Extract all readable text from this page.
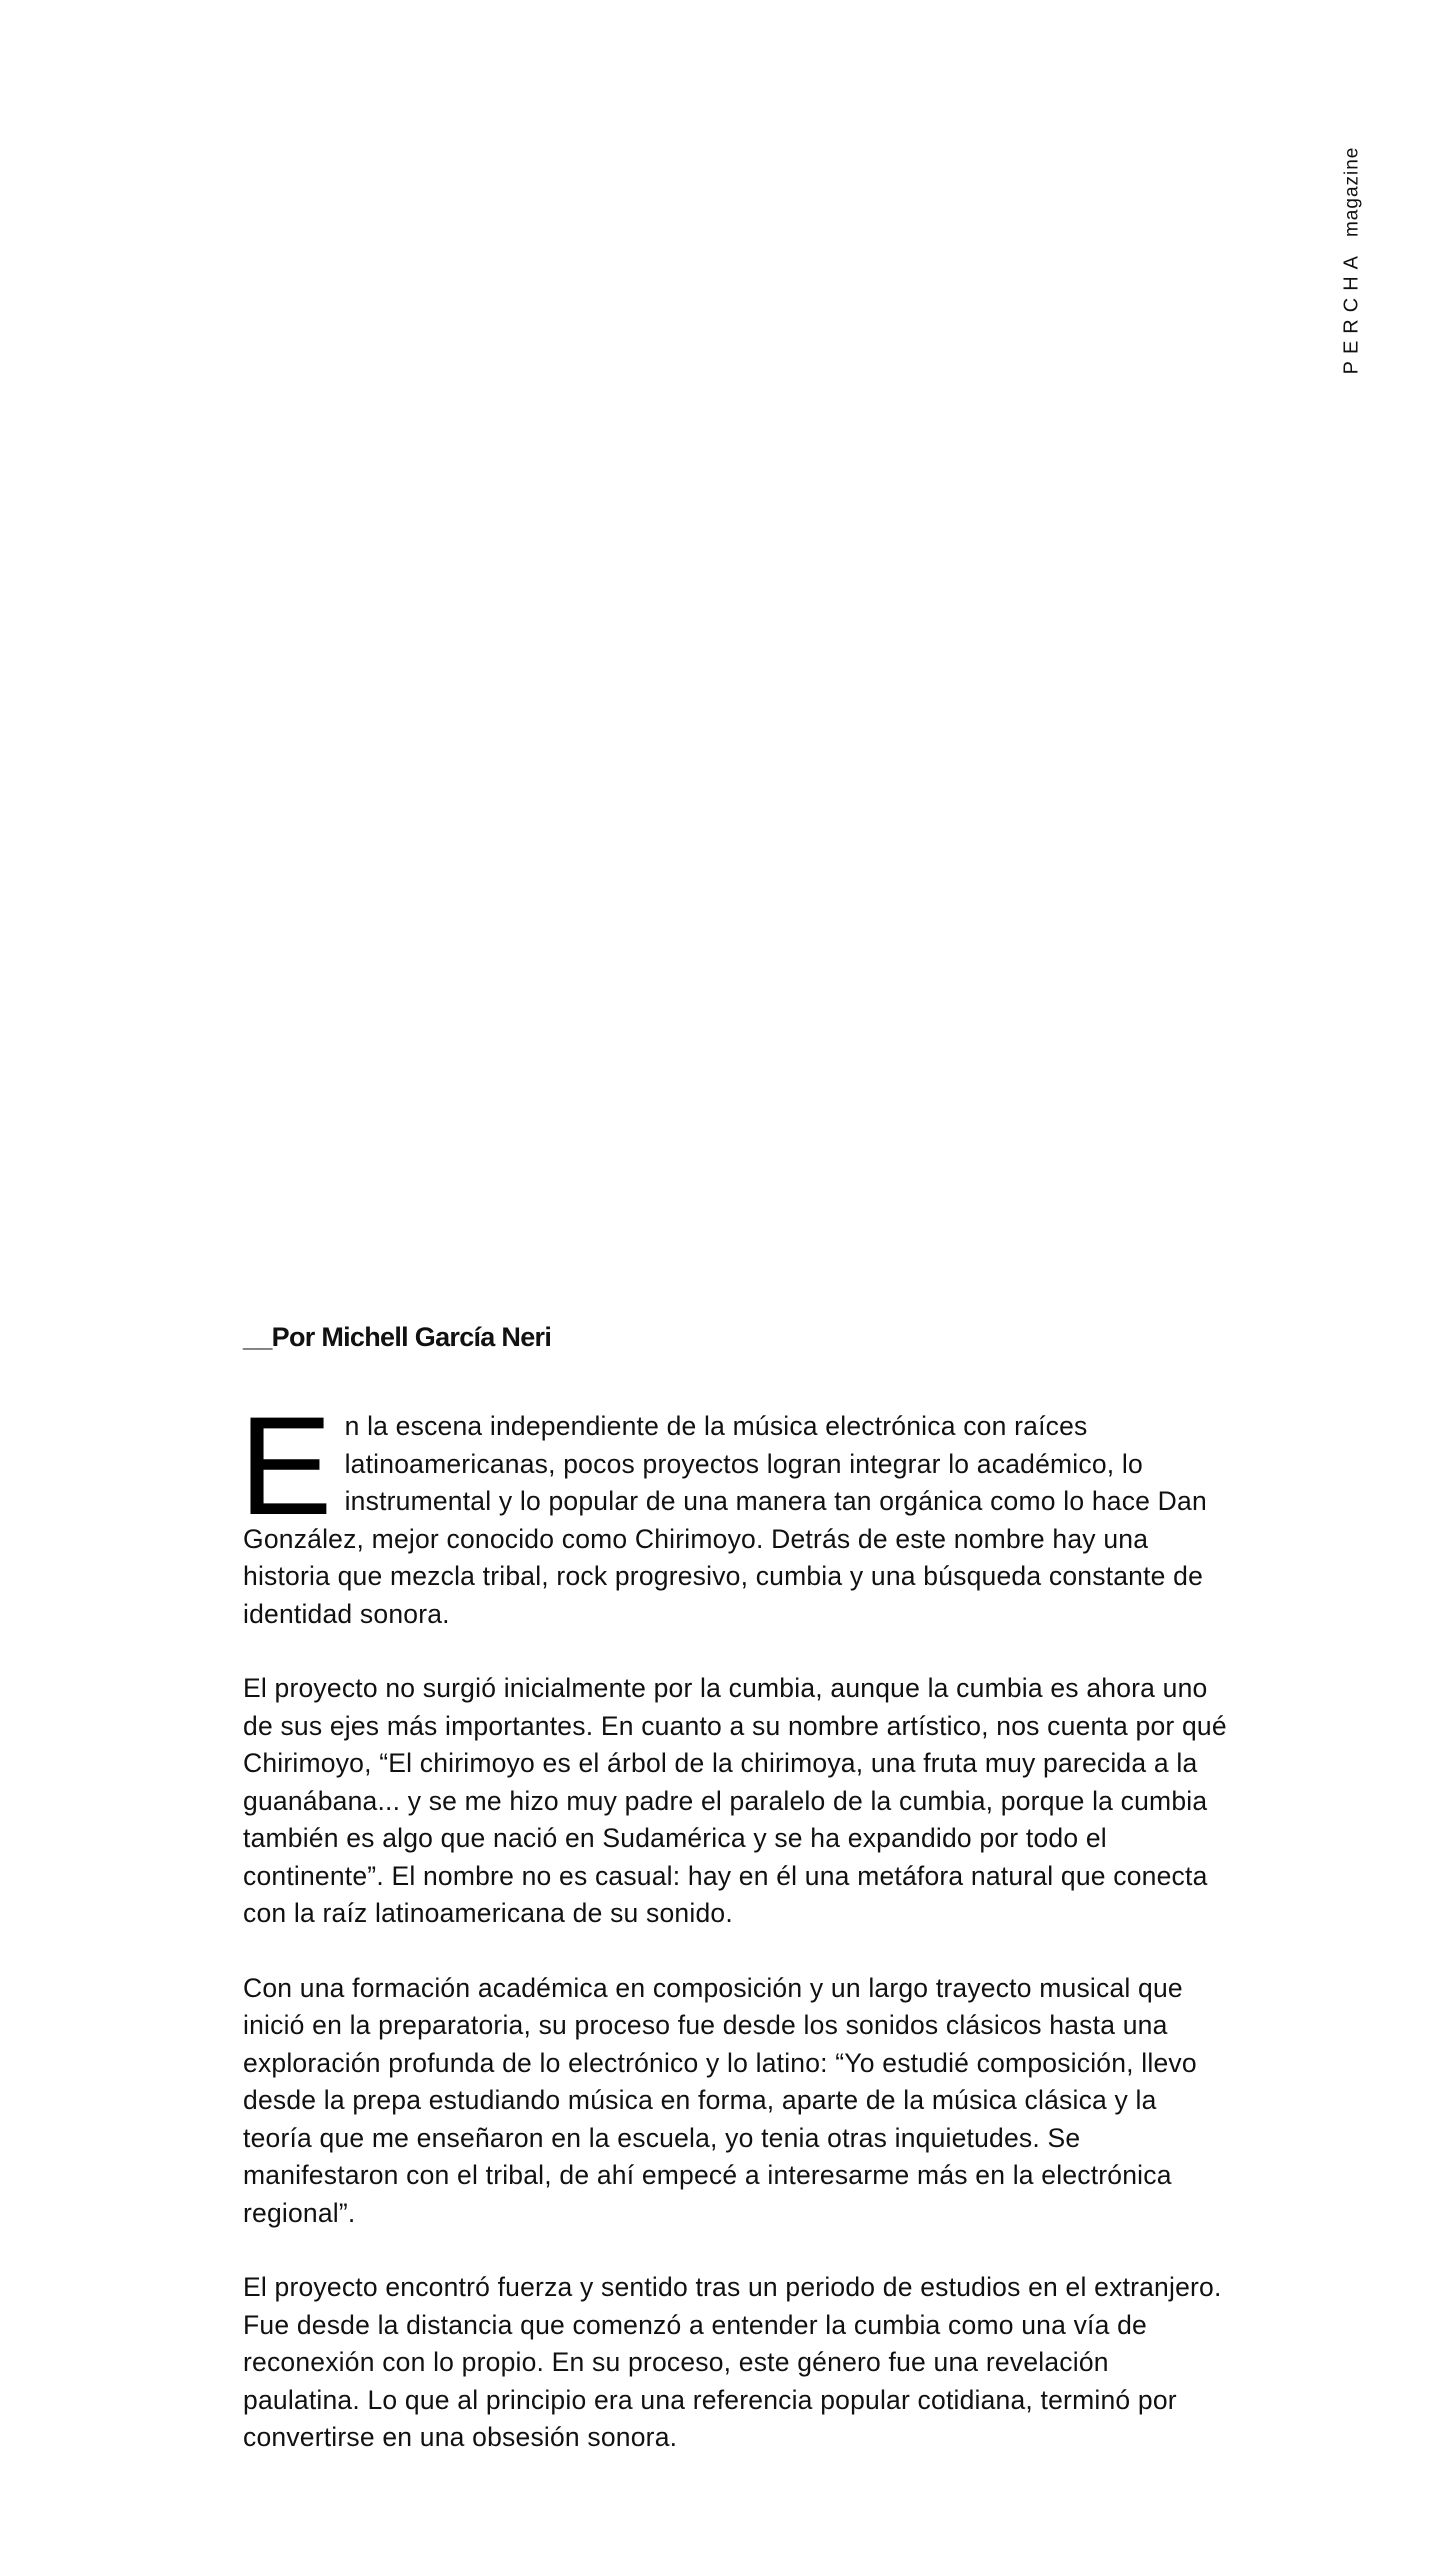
PERCHA
magazine

__Por Michell García Neri

En la escena independiente de la música electrónica con raíces latinoamericanas, pocos proyectos logran integrar lo académico, lo instrumental y lo popular de una manera tan orgánica como lo hace Dan González, mejor conocido como Chirimoyo. Detrás de este nombre hay una historia que mezcla tribal, rock progresivo, cumbia y una búsqueda constante de identidad sonora.

El proyecto no surgió inicialmente por la cumbia, aunque la cumbia es ahora uno de sus ejes más importantes. En cuanto a su nombre artístico, nos cuenta por qué Chirimoyo, “El chirimoyo es el árbol de la chirimoya, una fruta muy parecida a la guanábana... y se me hizo muy padre el paralelo de la cumbia, porque la cumbia también es algo que nació en Sudamérica y se ha expandido por todo el continente”. El nombre no es casual: hay en él una metáfora natural que conecta con la raíz latinoamericana de su sonido.

Con una formación académica en composición y un largo trayecto musical que inició en la preparatoria, su proceso fue desde los sonidos clásicos hasta una exploración profunda de lo electrónico y lo latino: “Yo estudié composición, llevo desde la prepa estudiando música en forma, aparte de la música clásica y la teoría que me enseñaron en la escuela, yo tenia otras inquietudes. Se manifestaron con el tribal, de ahí empecé a interesarme más en la electrónica regional”.

El proyecto encontró fuerza y sentido tras un periodo de estudios en el extranjero. Fue desde la distancia que comenzó a entender la cumbia como una vía de reconexión con lo propio. En su proceso, este género fue una revelación paulatina. Lo que al principio era una referencia popular cotidiana, terminó por convertirse en una obsesión sonora.
